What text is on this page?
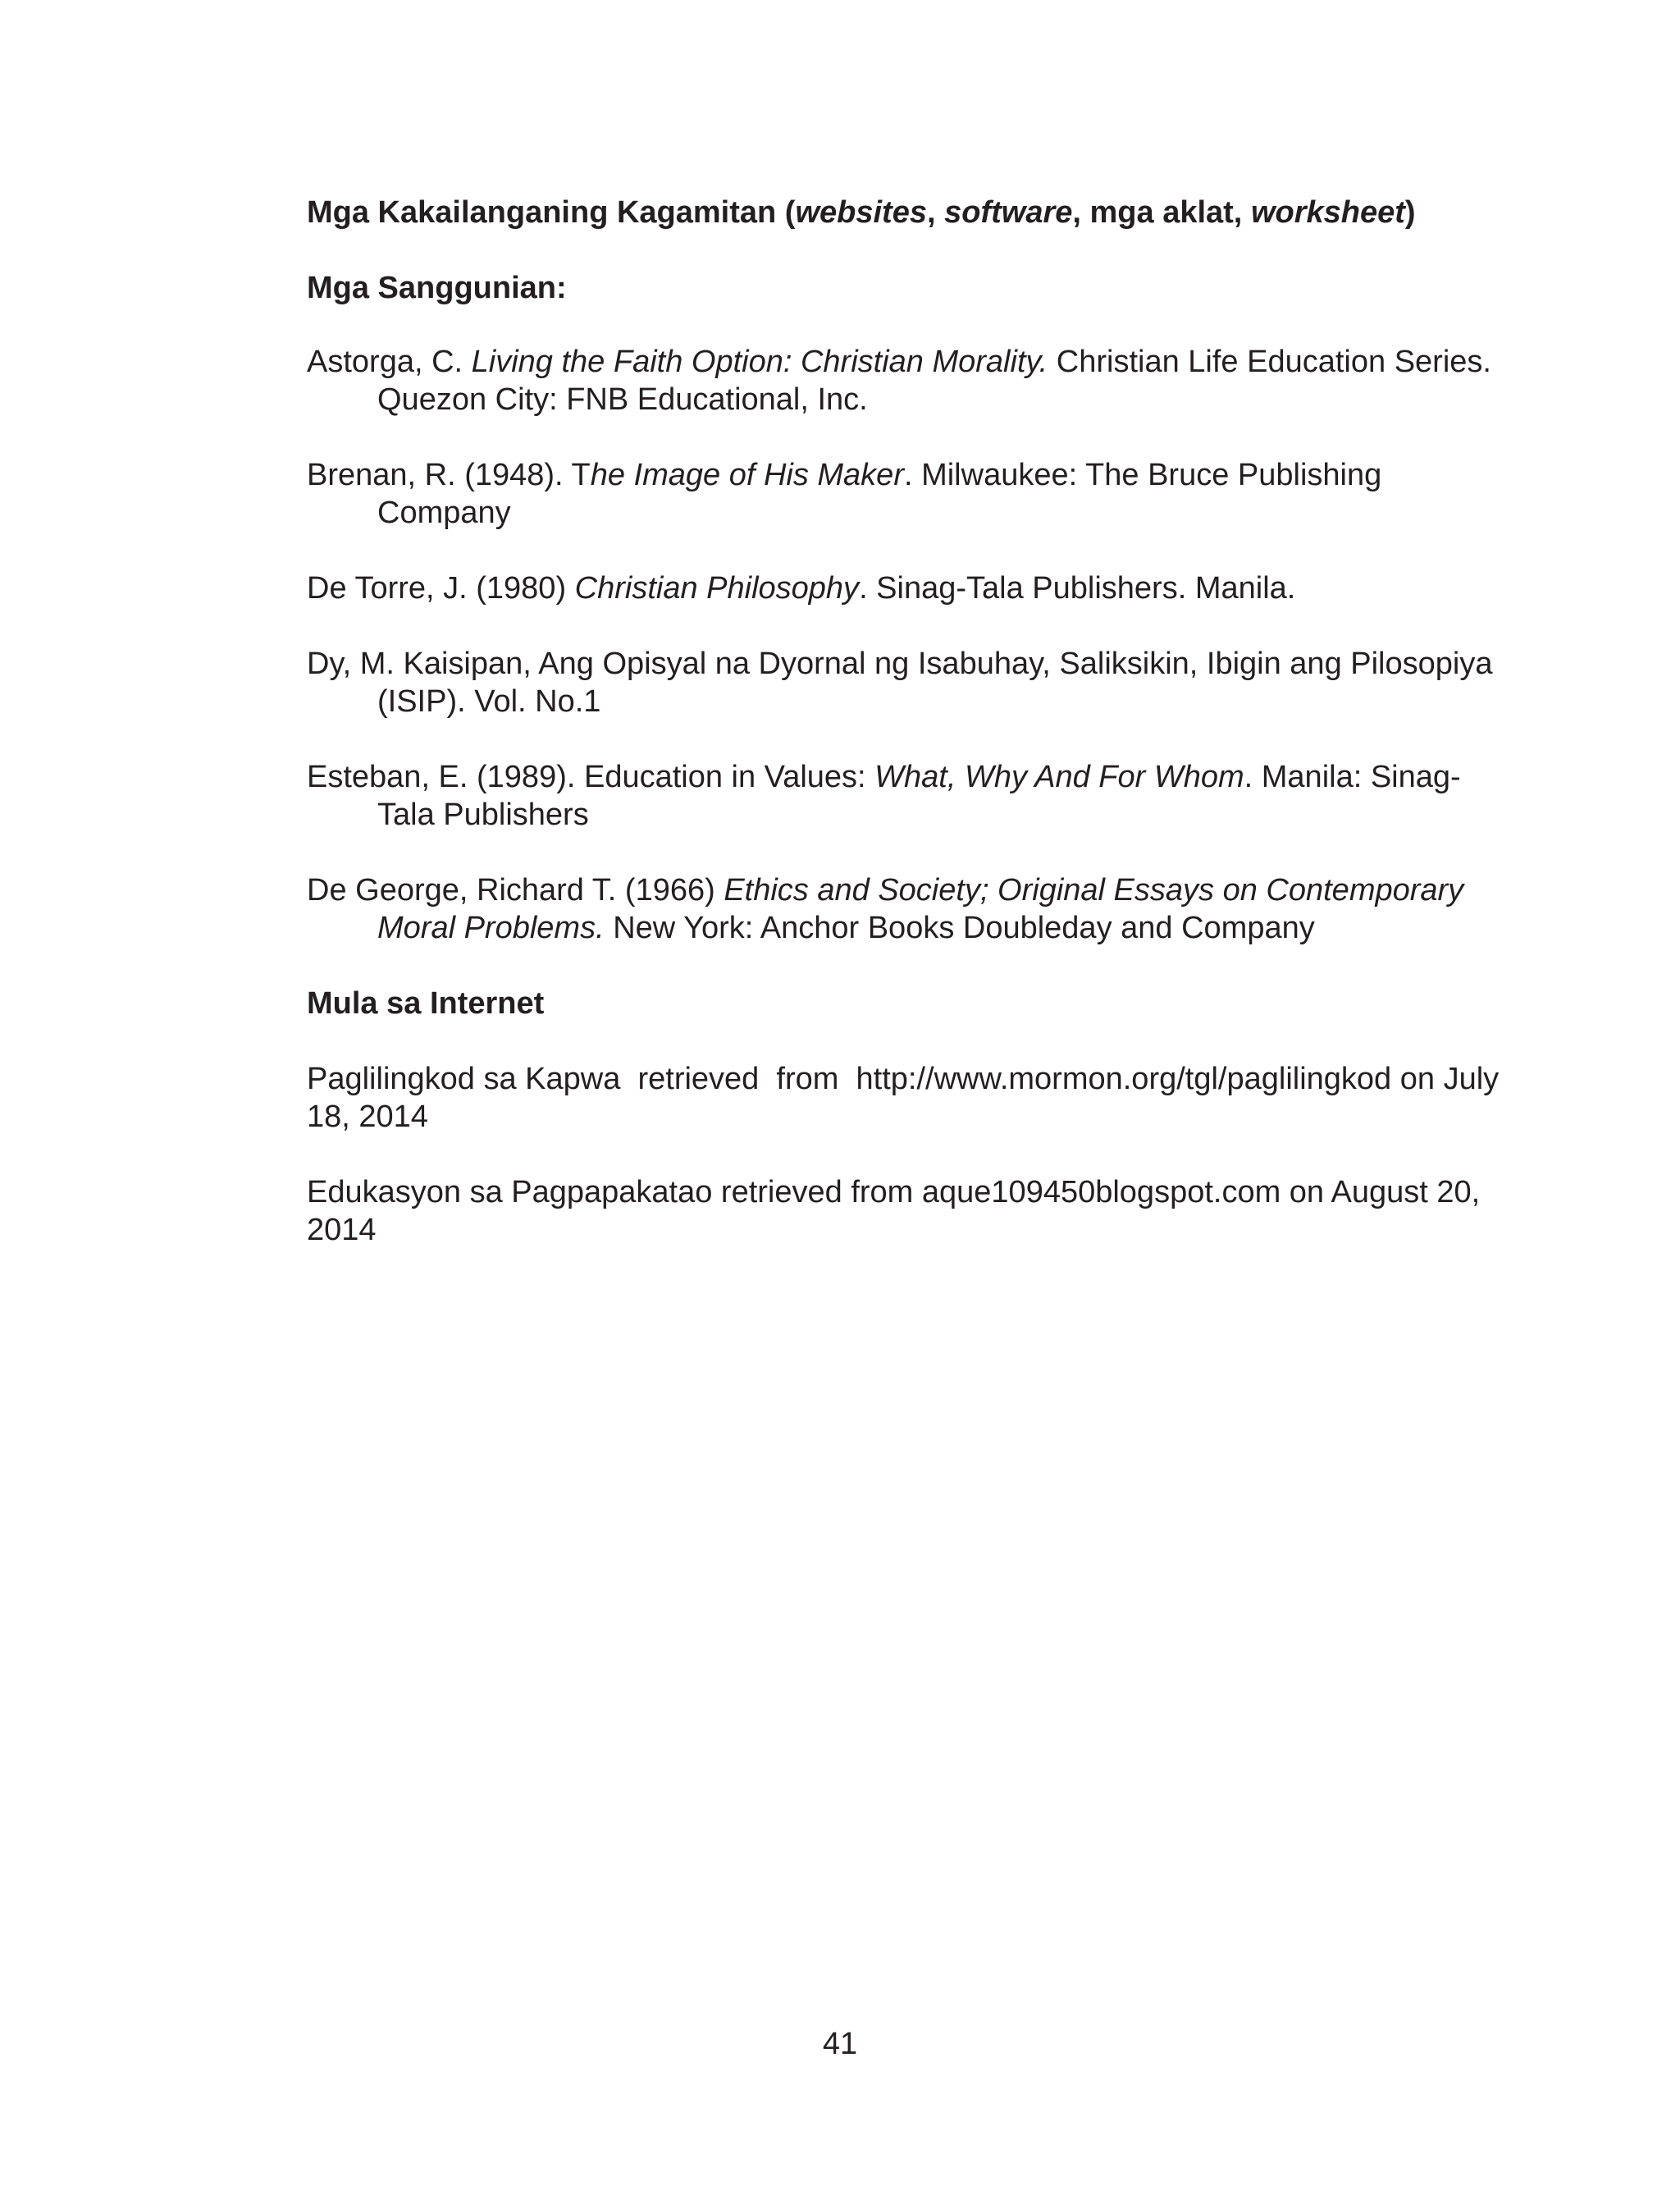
Mga Kakailanganing Kagamitan (websites, software, mga aklat, worksheet)

Mga Sanggunian:

Astorga, C. Living the Faith Option: Christian Morality. Christian Life Education Series. Quezon City: FNB Educational, Inc.

Brenan, R. (1948). The Image of His Maker. Milwaukee: The Bruce Publishing Company

De Torre, J. (1980) Christian Philosophy. Sinag-Tala Publishers. Manila.

Dy, M. Kaisipan, Ang Opisyal na Dyornal ng Isabuhay, Saliksikin, Ibigin ang Pilosopiya (ISIP). Vol. No.1

Esteban, E. (1989). Education in Values: What, Why And For Whom. Manila: Sinag-Tala Publishers

De George, Richard T. (1966) Ethics and Society; Original Essays on Contemporary Moral Problems. New York: Anchor Books Doubleday and Company

Mula sa Internet

Paglilingkod sa Kapwa  retrieved  from  http://www.mormon.org/tgl/paglilingkod on July 18, 2014

Edukasyon sa Pagpapakatao retrieved from aque109450blogspot.com on August 20, 2014

41
